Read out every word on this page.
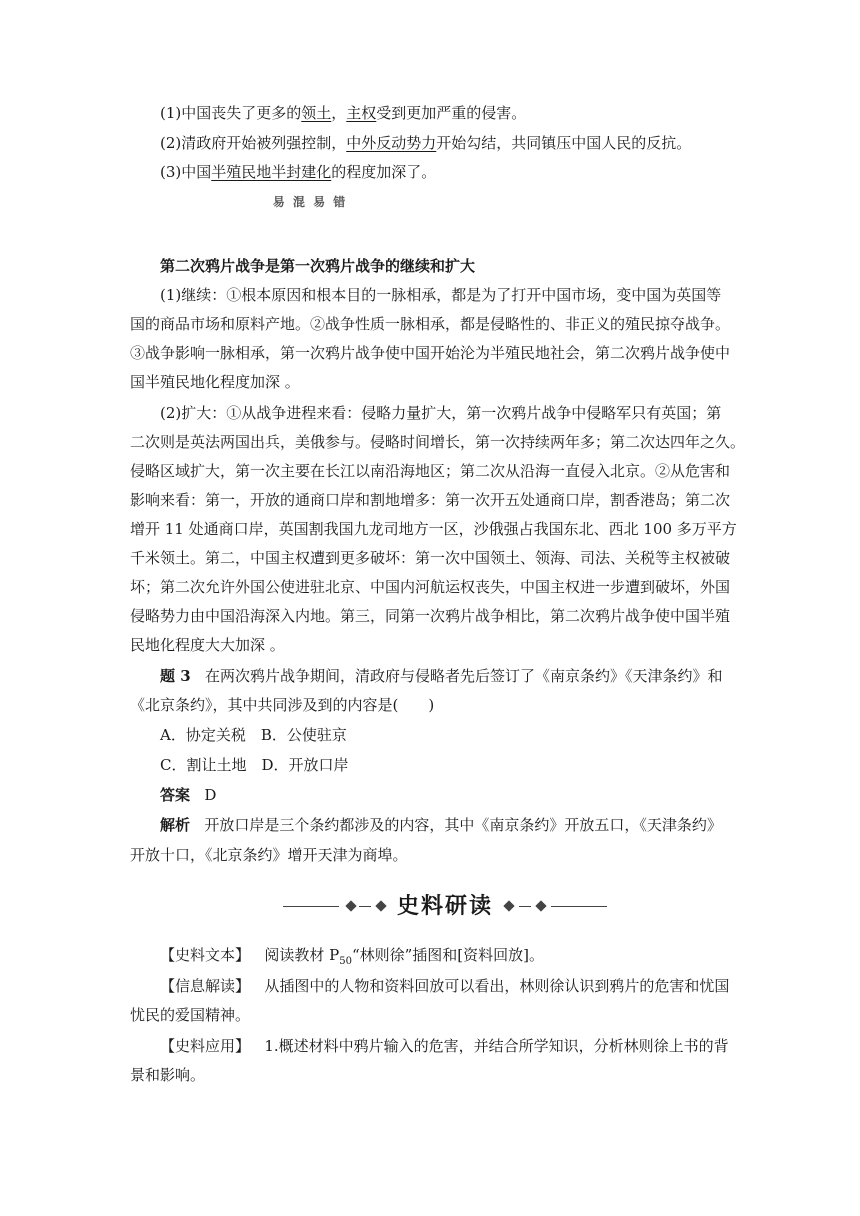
(1)中国丧失了更多的领土，主权受到更加严重的侵害。
(2)清政府开始被列强控制，中外反动势力开始勾结，共同镇压中国人民的反抗。
(3)中国半殖民地半封建化的程度加深了。
易 混 易 错
第二次鸦片战争是第一次鸦片战争的继续和扩大
(1)继续：①根本原因和根本目的一脉相承，都是为了打开中国市场，变中国为英国等
国的商品市场和原料产地。②战争性质一脉相承，都是侵略性的、非正义的殖民掠夺战争。
③战争影响一脉相承，第一次鸦片战争使中国开始沦为半殖民地社会，第二次鸦片战争使中
国半殖民地化程度加深 。
(2)扩大：①从战争进程来看：侵略力量扩大，第一次鸦片战争中侵略军只有英国；第
二次则是英法两国出兵，美俄参与。侵略时间增长，第一次持续两年多；第二次达四年之久。
侵略区域扩大，第一次主要在长江以南沿海地区；第二次从沿海一直侵入北京。②从危害和
影响来看：第一，开放的通商口岸和割地增多：第一次开五处通商口岸，割香港岛；第二次
增开 11 处通商口岸，英国割我国九龙司地方一区，沙俄强占我国东北、西北 100 多万平方
千米领土。第二，中国主权遭到更多破坏：第一次中国领土、领海、司法、关税等主权被破
坏；第二次允许外国公使进驻北京、中国内河航运权丧失，中国主权进一步遭到破坏，外国
侵略势力由中国沿海深入内地。第三，同第一次鸦片战争相比，第二次鸦片战争使中国半殖
民地化程度大大加深 。
题 3 在两次鸦片战争期间，清政府与侵略者先后签订了《南京条约》《天津条约》和
《北京条约》，其中共同涉及到的内容是(　　)
A．协定关税　B．公使驻京
C．割让土地　D．开放口岸
答案 D
解析 开放口岸是三个条约都涉及的内容，其中《南京条约》开放五口，《天津条约》
开放十口，《北京条约》增开天津为商埠。
史料研读
【史料文本】 阅读教材 $P_{50}“$林则徐”插图和[资料回放]。
【信息解读】 从插图中的人物和资料回放可以看出，林则徐认识到鸦片的危害和忧国
忧民的爱国精神。
【史料应用】 1.概述材料中鸦片输入的危害，并结合所学知识，分析林则徐上书的背
景和影响。
